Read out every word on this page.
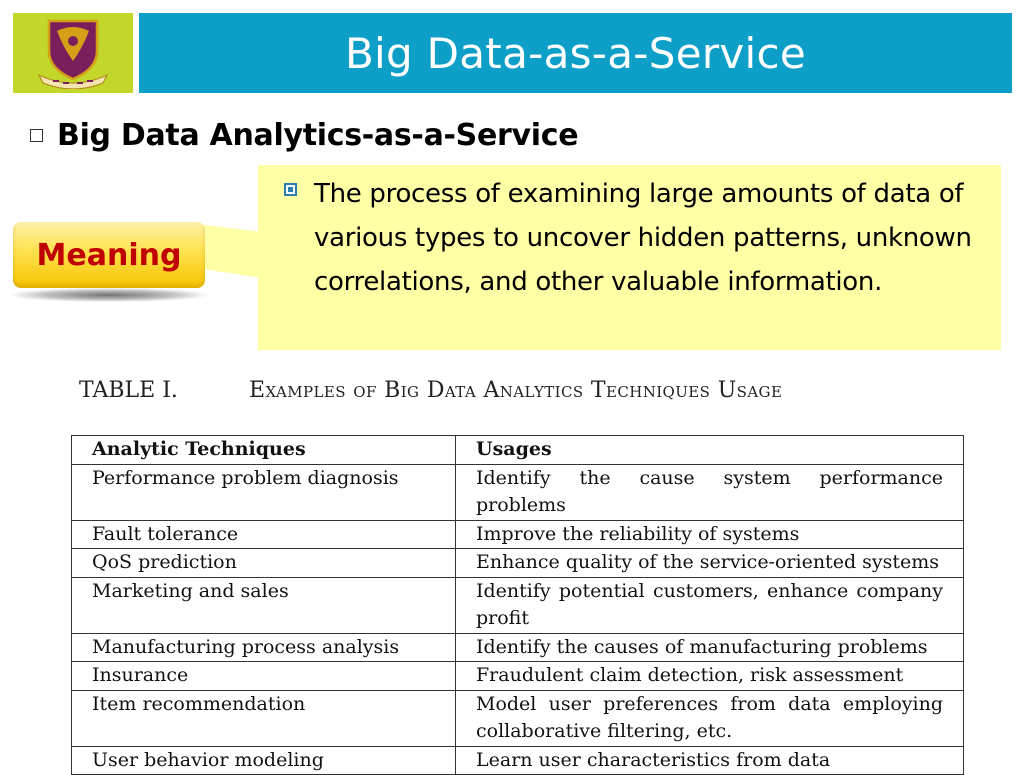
Big Data-as-a-Service
Big Data Analytics-as-a-Service

The process of examining large amounts of data of various types to uncover hidden patterns, unknown correlations, and other valuable information.

Meaning
TABLE I.	Examples of Big Data Analytics Techniques Usage
Analytic Techniques	Usages
Performance problem diagnosis	Identify the cause system performance problems
Fault tolerance	Improve the reliability of systems
QoS prediction	Enhance quality of the service-oriented systems
Marketing and sales	Identify potential customers, enhance company profit
Manufacturing process analysis	Identify the causes of manufacturing problems
Insurance	Fraudulent claim detection, risk assessment
Item recommendation	Model user preferences from data employing collaborative filtering, etc.
User behavior modeling	Learn user characteristics from data
